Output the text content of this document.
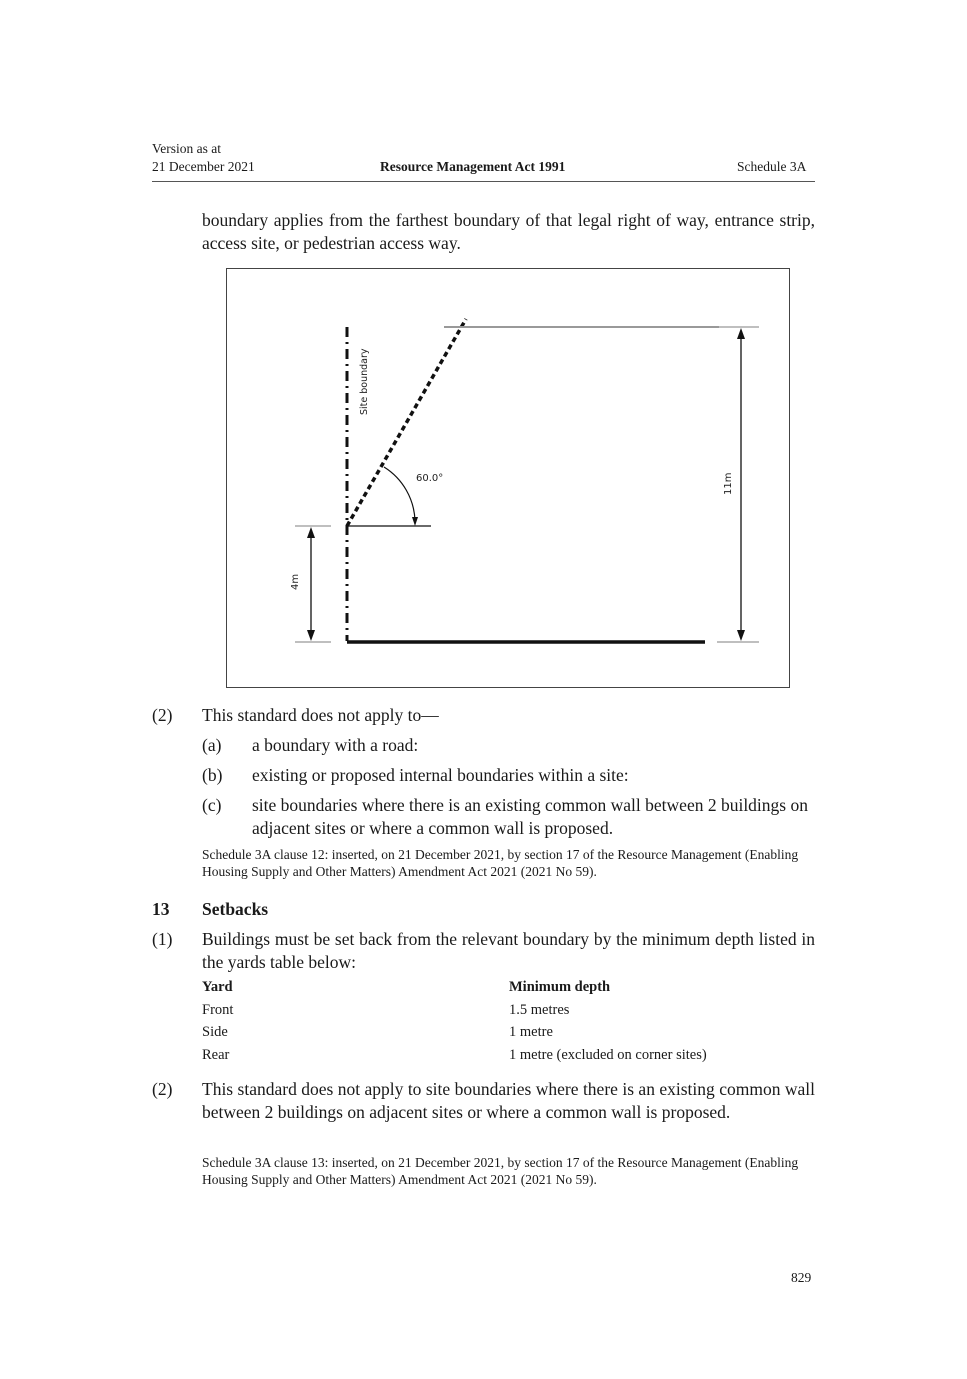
Version as at
21 December 2021	Resource Management Act 1991	Schedule 3A
boundary applies from the farthest boundary of that legal right of way, entrance strip, access site, or pedestrian access way.
60.0°	11m
4m
Site boundary
(2) This standard does not apply to—
(a) a boundary with a road:
(b) existing or proposed internal boundaries within a site:
(c) site boundaries where there is an existing common wall between 2 buildings on adjacent sites or where a common wall is proposed.
Schedule 3A clause 12: inserted, on 21 December 2021, by section 17 of the Resource Management (Enabling Housing Supply and Other Matters) Amendment Act 2021 (2021 No 59).
13 Setbacks
(1) Buildings must be set back from the relevant boundary by the minimum depth listed in the yards table below:
Yard	Minimum depth
Front	1.5 metres
Side	1 metre
Rear	1 metre (excluded on corner sites)
(2) This standard does not apply to site boundaries where there is an existing common wall between 2 buildings on adjacent sites or where a common wall is proposed.
Schedule 3A clause 13: inserted, on 21 December 2021, by section 17 of the Resource Management (Enabling Housing Supply and Other Matters) Amendment Act 2021 (2021 No 59).
829
